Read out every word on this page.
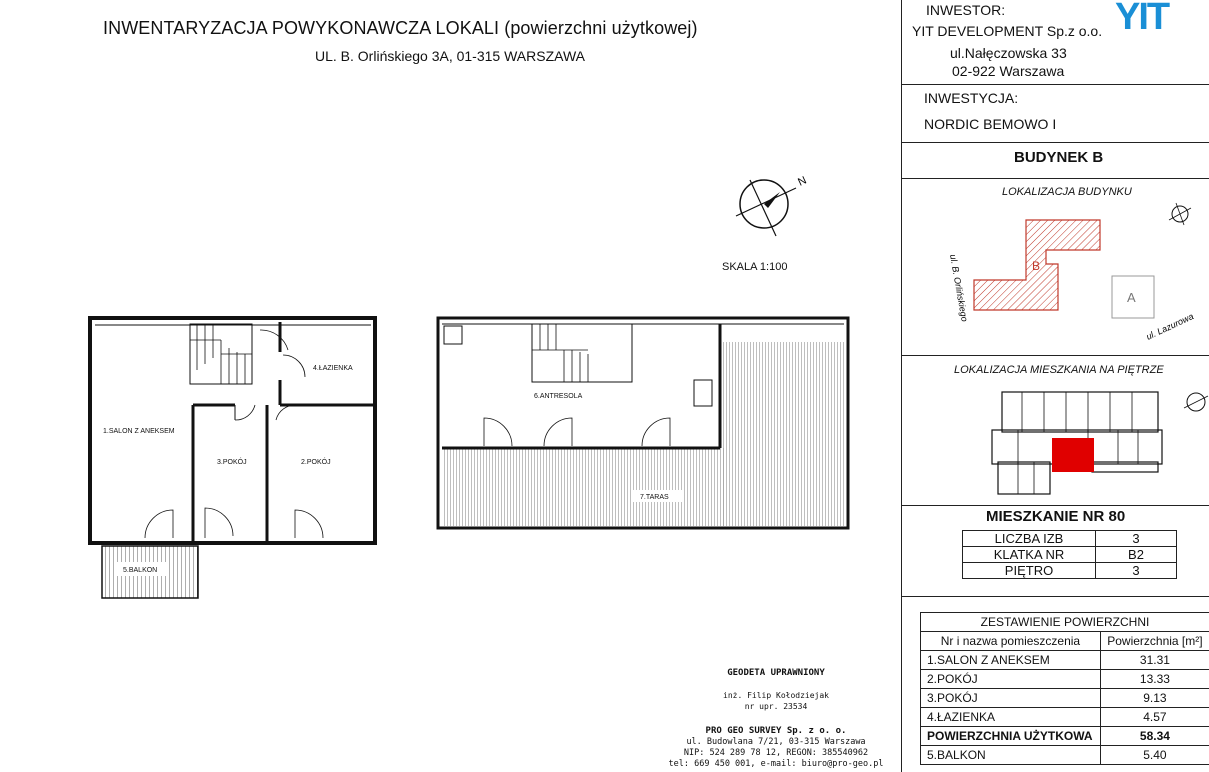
INWENTARYZACJA POWYKONAWCZA LOKALI (powierzchni użytkowej)
UL. B. Orlińskiego 3A, 01-315 WARSZAWA
N
SKALA 1:100
5.BALKON
1.SALON Z ANEKSEM
3.POKÓJ	2.POKÓJ
4.ŁAZIENKA
6.ANTRESOLA
7.TARAS
GEODETA UPRAWNIONY
inż. Filip Kołodziejak
nr upr. 23534
PRO GEO SURVEY Sp. z o. o.
ul. Budowlana 7/21, 03-315 Warszawa
NIP: 524 289 78 12, REGON: 385540962
tel: 669 450 001, e-mail: biuro@pro-geo.pl
INWESTOR:
YIT DEVELOPMENT Sp.z o.o.
ul.Nałęczowska 33
02-922 Warszawa
INWESTYCJA:
NORDIC BEMOWO I
BUDYNEK B
LOKALIZACJA BUDYNKU
B
A
ul. B. Orlińskiego
ul. Lazurowa
LOKALIZACJA MIESZKANIA NA PIĘTRZE
MIESZKANIE NR 80
LICZBA IZB	3
KLATKA NR	B2
PIĘTRO	3
ZESTAWIENIE POWIERZCHNI	
Nr i nazwa pomieszczenia	Powierzchnia [m²]
1.SALON Z ANEKSEM	31.31
2.POKÓJ	13.33
3.POKÓJ	9.13
4.ŁAZIENKA	4.57
POWIERZCHNIA UŻYTKOWA	58.34
5.BALKON	5.40
YIT
